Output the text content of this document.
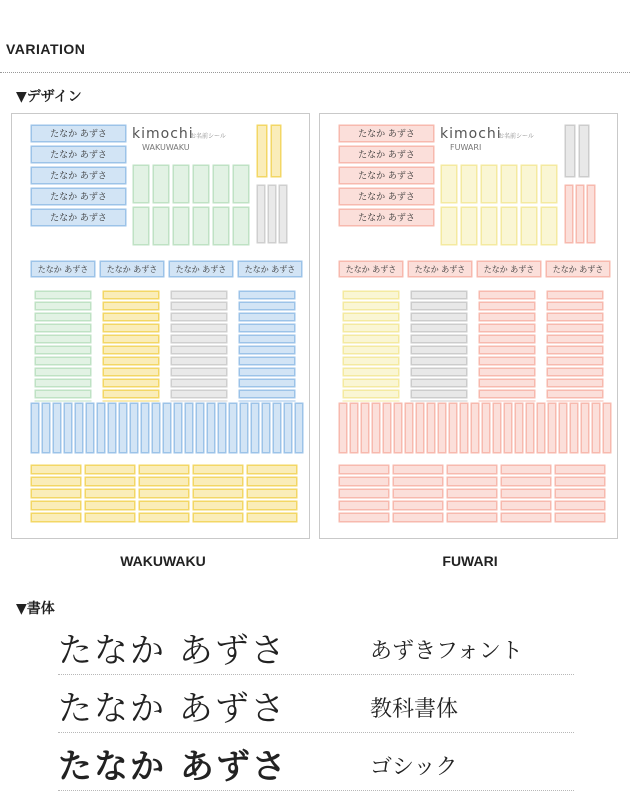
VARIATION
▼デザイン
たなか あずさ
たなか あずさ
たなか あずさ
たなか あずさ
たなか あずさ
kimochi
お名前シール
WAKUWAKU
たなか あずさ たなか あずさ たなか あずさ たなか あずさ
たなか あずさ
たなか あずさ
たなか あずさ
たなか あずさ
たなか あずさ
kimochi
お名前シール
FUWARI
たなか あずさ たなか あずさ たなか あずさ たなか あずさ
WAKUWAKU	FUWARI
▼書体
たなか あずさ	あずきフォント
たなか あずさ	教科書体
たなか あずさ	ゴシック
